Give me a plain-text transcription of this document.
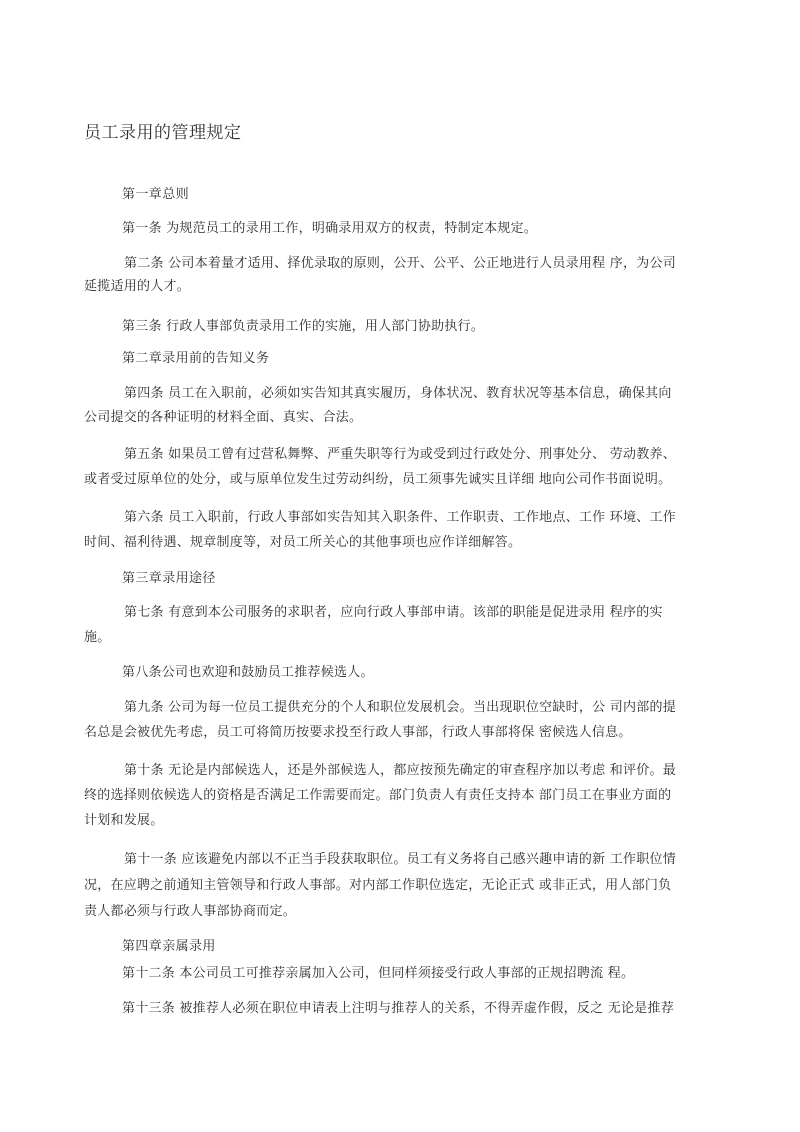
员工录用的管理规定
第一章总则
第一条 为规范员工的录用工作，明确录用双方的权责，特制定本规定。
第二条 公司本着量才适用、择优录取的原则，公开、公平、公正地进行人员录用程 序，为公司
延揽适用的人才。
第三条 行政人事部负责录用工作的实施，用人部门协助执行。
第二章录用前的告知义务
第四条 员工在入职前，必须如实告知其真实履历，身体状况、教育状况等基本信息，确保其向
公司提交的各种证明的材料全面、真实、合法。
第五条 如果员工曾有过营私舞弊、严重失职等行为或受到过行政处分、刑事处分、 劳动教养、
或者受过原单位的处分，或与原单位发生过劳动纠纷，员工须事先诚实且详细 地向公司作书面说明。
第六条 员工入职前，行政人事部如实告知其入职条件、工作职责、工作地点、工作 环境、工作
时间、福利待遇、规章制度等，对员工所关心的其他事项也应作详细解答。
第三章录用途径
第七条 有意到本公司服务的求职者，应向行政人事部申请。该部的职能是促进录用 程序的实
施。
第八条公司也欢迎和鼓励员工推荐候选人。
第九条 公司为每一位员工提供充分的个人和职位发展机会。当出现职位空缺时，公 司内部的提
名总是会被优先考虑，员工可将简历按要求投至行政人事部，行政人事部将保 密候选人信息。
第十条 无论是内部候选人，还是外部候选人，都应按预先确定的审查程序加以考虑 和评价。最
终的选择则依候选人的资格是否满足工作需要而定。部门负责人有责任支持本 部门员工在事业方面的
计划和发展。
第十一条 应该避免内部以不正当手段获取职位。员工有义务将自己感兴趣申请的新 工作职位情
况，在应聘之前通知主管领导和行政人事部。对内部工作职位选定，无论正式 或非正式，用人部门负
责人都必须与行政人事部协商而定。
第四章亲属录用
第十二条 本公司员工可推荐亲属加入公司，但同样须接受行政人事部的正规招聘流 程。
第十三条 被推荐人必须在职位申请表上注明与推荐人的关系，不得弄虚作假，反之 无论是推荐
